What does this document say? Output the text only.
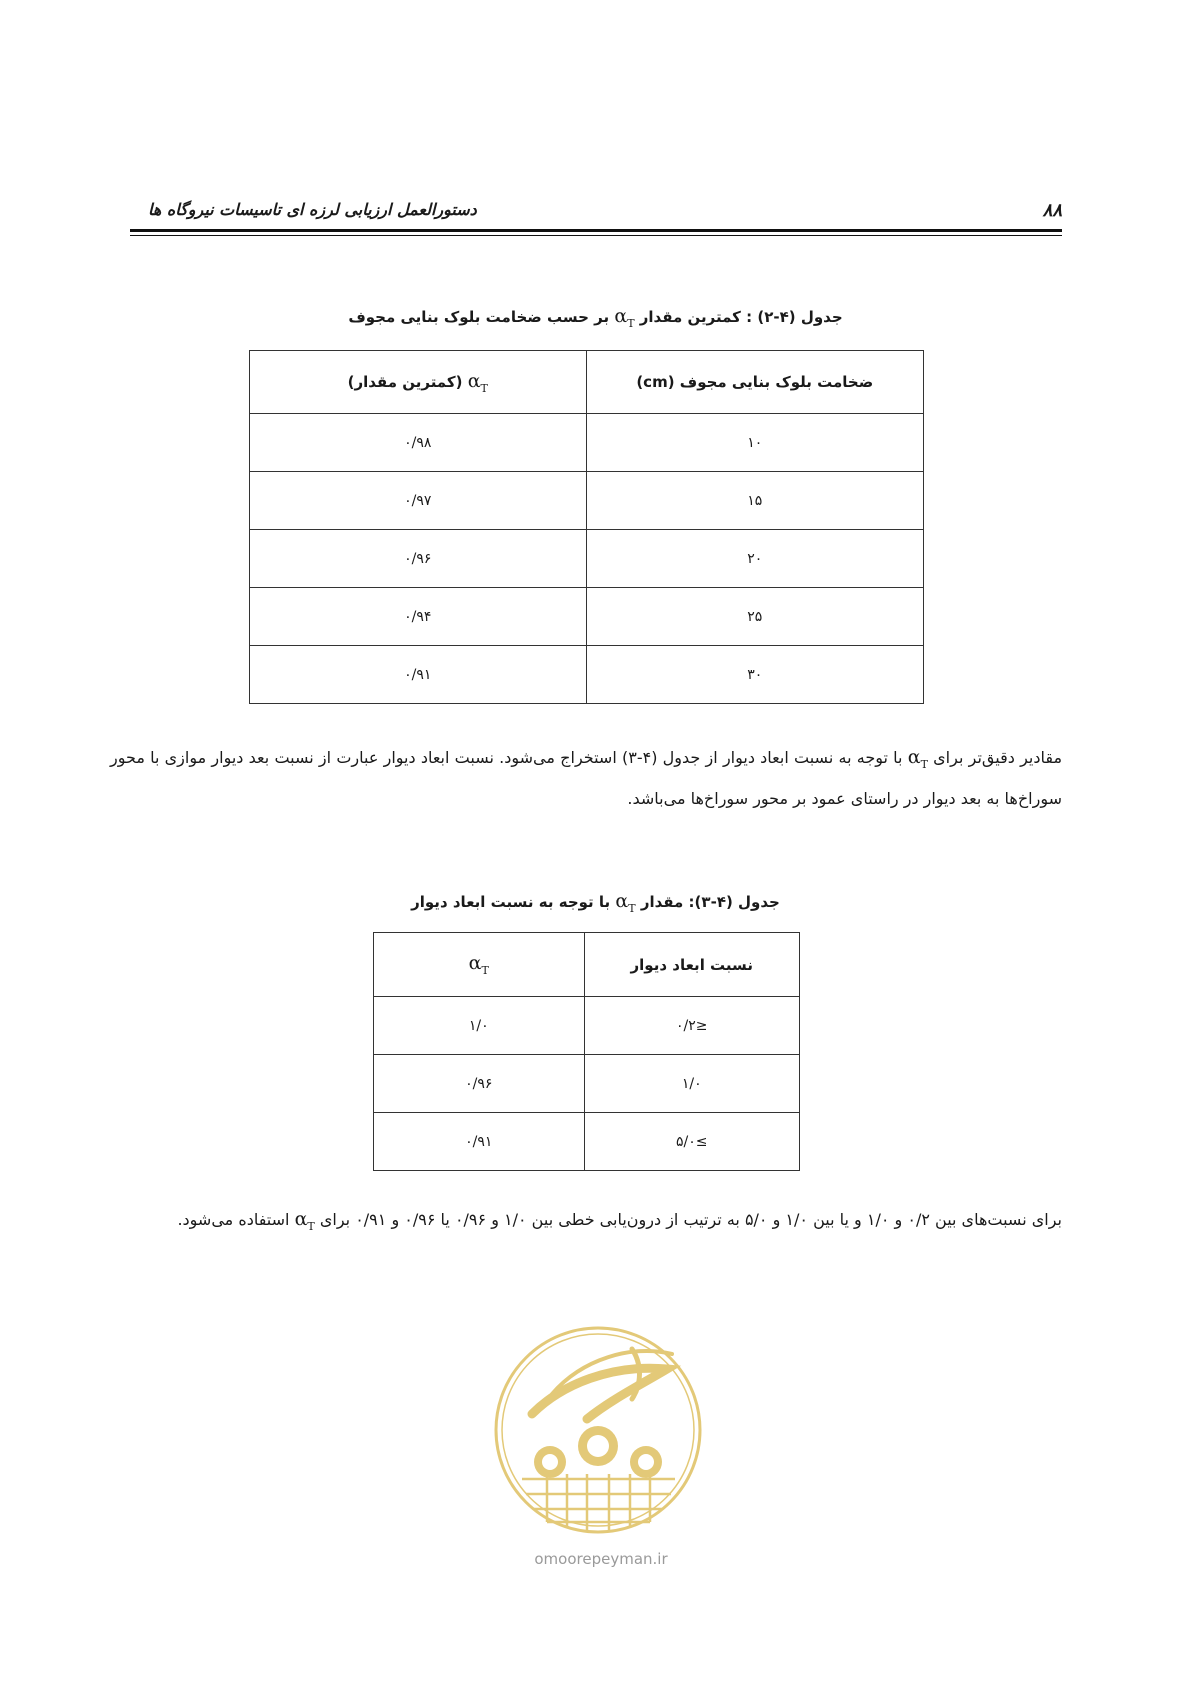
دستورالعمل ارزیابی لرزه ای تاسیسات نیروگاه ها	۸۸
جدول (۴-۲) : کمترین مقدار $\alpha_T$ بر حسب ضخامت بلوک بنایی مجوف
ضخامت بلوک بنایی مجوف (cm)	$\alpha_T$ (کمترین مقدار)
۱۰	۰/۹۸
۱۵	۰/۹۷
۲۰	۰/۹۶
۲۵	۰/۹۴
۳۰	۰/۹۱
مقادیر دقیق‌تر برای $\alpha_T$ با توجه به نسبت ابعاد دیوار از جدول (۴-۳) استخراج می‌شود. نسبت ابعاد دیوار عبارت از نسبت بعد دیوار موازی با محور سوراخ‌ها به بعد دیوار در راستای عمود بر محور سوراخ‌ها می‌باشد.
جدول (۴-۳): مقدار $\alpha_T$ با توجه به نسبت ابعاد دیوار
نسبت ابعاد دیوار	$\alpha_T$
≤۰/۲	۱/۰
۱/۰	۰/۹۶
≥۵/۰	۰/۹۱
برای نسبت‌های بین ۰/۲ و ۱/۰ و یا بین ۱/۰ و ۵/۰ به ترتیب از درون‌یابی خطی بین ۱/۰ و ۰/۹۶ یا ۰/۹۶ و ۰/۹۱ برای $\alpha_T$ استفاده می‌شود.
omoorepeyman.ir
